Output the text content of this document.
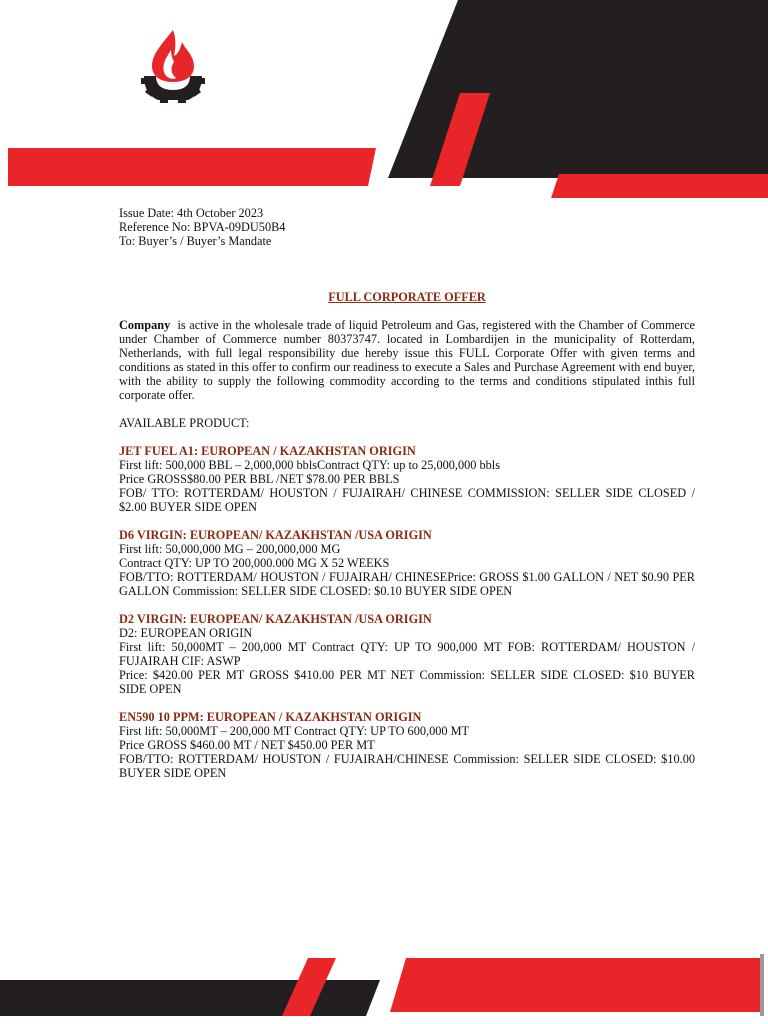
Issue Date: 4th October 2023
Reference No: BPVA-09DU50B4
To: Buyer’s / Buyer’s Mandate
FULL CORPORATE OFFER
Company is active in the wholesale trade of liquid Petroleum and Gas, registered with the Chamber of Commerce under Chamber of Commerce number 80373747. located in Lombardijen in the municipality of Rotterdam, Netherlands, with full legal responsibility due hereby issue this FULL Corporate Offer with given terms and conditions as stated in this offer to confirm our readiness to execute a Sales and Purchase Agreement with end buyer, with the ability to supply the following commodity according to the terms and conditions stipulated inthis full corporate offer.
AVAILABLE PRODUCT:
JET FUEL A1: EUROPEAN / KAZAKHSTAN ORIGIN
First lift: 500,000 BBL – 2,000,000 bblsContract QTY: up to 25,000,000 bbls
Price GROSS$80.00 PER BBL /NET $78.00 PER BBLS
FOB/ TTO: ROTTERDAM/ HOUSTON / FUJAIRAH/ CHINESE COMMISSION: SELLER SIDE CLOSED / $2.00 BUYER SIDE OPEN
D6 VIRGIN: EUROPEAN/ KAZAKHSTAN /USA ORIGIN
First lift: 50,000,000 MG – 200,000,000 MG
Contract QTY: UP TO 200,000.000 MG X 52 WEEKS
FOB/TTO: ROTTERDAM/ HOUSTON / FUJAIRAH/ CHINESEPrice: GROSS $1.00 GALLON / NET $0.90 PER GALLON Commission: SELLER SIDE CLOSED: $0.10 BUYER SIDE OPEN
D2 VIRGIN: EUROPEAN/ KAZAKHSTAN /USA ORIGIN
D2: EUROPEAN ORIGIN
First lift: 50,000MT – 200,000 MT Contract QTY: UP TO 900,000 MT FOB: ROTTERDAM/ HOUSTON / FUJAIRAH CIF: ASWP
Price: $420.00 PER MT GROSS $410.00 PER MT NET Commission: SELLER SIDE CLOSED: $10 BUYER SIDE OPEN
EN590 10 PPM: EUROPEAN / KAZAKHSTAN ORIGIN
First lift: 50,000MT – 200,000 MT Contract QTY: UP TO 600,000 MT
Price GROSS $460.00 MT / NET $450.00 PER MT
FOB/TTO: ROTTERDAM/ HOUSTON / FUJAIRAH/CHINESE Commission: SELLER SIDE CLOSED: $10.00 BUYER SIDE OPEN
